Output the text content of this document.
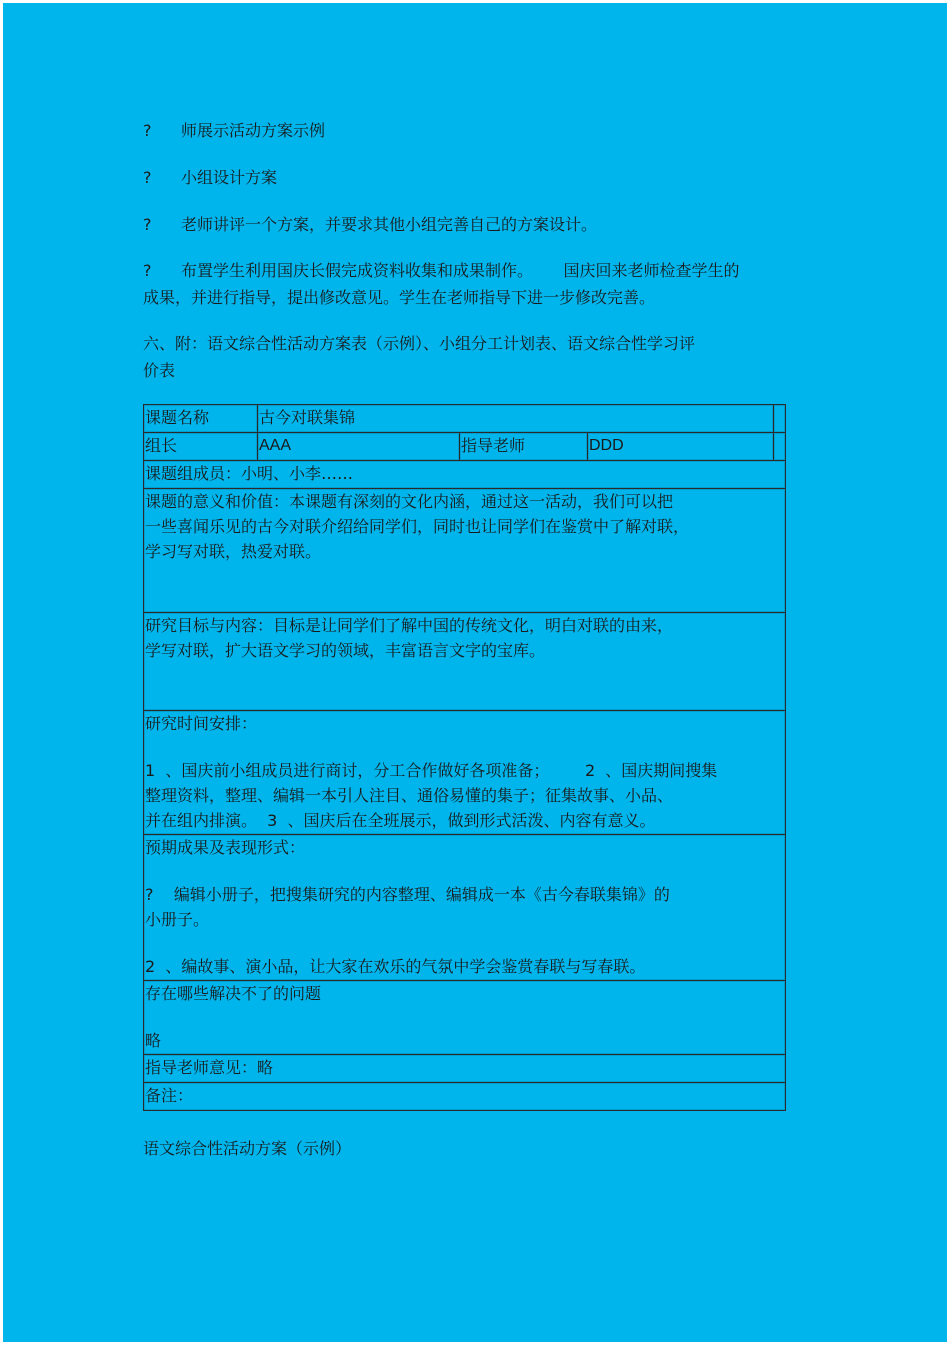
? 师展示活动方案示例

? 小组设计方案

? 老师讲评一个方案，并要求其他小组完善自己的方案设计。

? 布置学生利用国庆长假完成资料收集和成果制作。      国庆回来老师检查学生的
成果，并进行指导，提出修改意见。学生在老师指导下进一步修改完善。

六、附：语文综合性活动方案表（示例）、小组分工计划表、语文综合性学习评
价表

课题名称	古今对联集锦			
组长	AAA	指导老师	DDD	
课题组成员：小明、小李……				
课题的意义和价值：本课题有深刻的文化内涵，通过这一活动，我们可以把
一些喜闻乐见的古今对联介绍给同学们，同时也让同学们在鉴赏中了解对联，
学习写对联，热爱对联。				
研究目标与内容：目标是让同学们了解中国的传统文化，明白对联的由来，
学写对联，扩大语文学习的领域，丰富语言文字的宝库。				
研究时间安排：
1  、国庆前小组成员进行商讨，分工合作做好各项准备；       2  、国庆期间搜集
整理资料，整理、编辑一本引人注目、通俗易懂的集子；征集故事、小品、
并在组内排演。  3  、国庆后在全班展示，做到形式活泼、内容有意义。				
预期成果及表现形式：
?    编辑小册子，把搜集研究的内容整理、编辑成一本《古今春联集锦》的
小册子。
2  、编故事、演小品，让大家在欢乐的气氛中学会鉴赏春联与写春联。				
存在哪些解决不了的问题
略				
指导老师意见：略				
备注：				

语文综合性活动方案（示例）
